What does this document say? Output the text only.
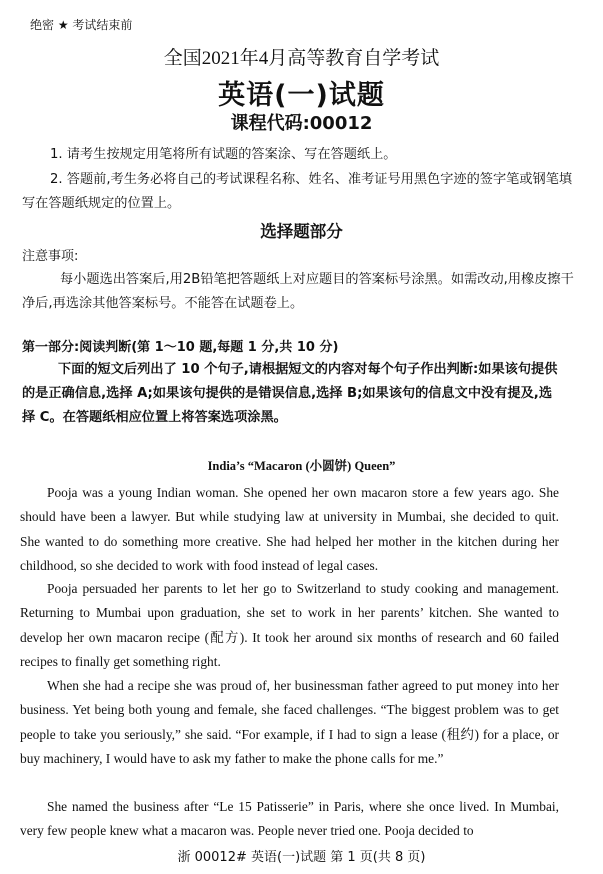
绝密 ★ 考试结束前
全国2021年4月高等教育自学考试
英语(一)试题
课程代码:00012
1. 请考生按规定用笔将所有试题的答案涂、写在答题纸上。
2. 答题前,考生务必将自己的考试课程名称、姓名、准考证号用黑色字迹的签字笔或钢笔填写在答题纸规定的位置上。
选择题部分
注意事项:
每小题选出答案后,用2B铅笔把答题纸上对应题目的答案标号涂黑。如需改动,用橡皮擦干净后,再选涂其他答案标号。不能答在试题卷上。
第一部分:阅读判断(第 1～10 题,每题 1 分,共 10 分)
下面的短文后列出了 10 个句子,请根据短文的内容对每个句子作出判断:如果该句提供的是正确信息,选择 A;如果该句提供的是错误信息,选择 B;如果该句的信息文中没有提及,选择 C。在答题纸相应位置上将答案选项涂黑。
India’s “Macaron (小圆饼) Queen”
Pooja was a young Indian woman. She opened her own macaron store a few years ago. She should have been a lawyer. But while studying law at university in Mumbai, she decided to quit. She wanted to do something more creative. She had helped her mother in the kitchen during her childhood, so she decided to work with food instead of legal cases.
Pooja persuaded her parents to let her go to Switzerland to study cooking and management. Returning to Mumbai upon graduation, she set to work in her parents’ kitchen. She wanted to develop her own macaron recipe (配方). It took her around six months of research and 60 failed recipes to finally get something right.
When she had a recipe she was proud of, her businessman father agreed to put money into her business. Yet being both young and female, she faced challenges. “The biggest problem was to get people to take you seriously,” she said. “For example, if I had to sign a lease (租约) for a place, or buy machinery, I would have to ask my father to make the phone calls for me.”
She named the business after “Le 15 Patisserie” in Paris, where she once lived. In Mumbai, very few people knew what a macaron was. People never tried one. Pooja decided to
浙 00012# 英语(一)试题 第 1 页(共 8 页)
